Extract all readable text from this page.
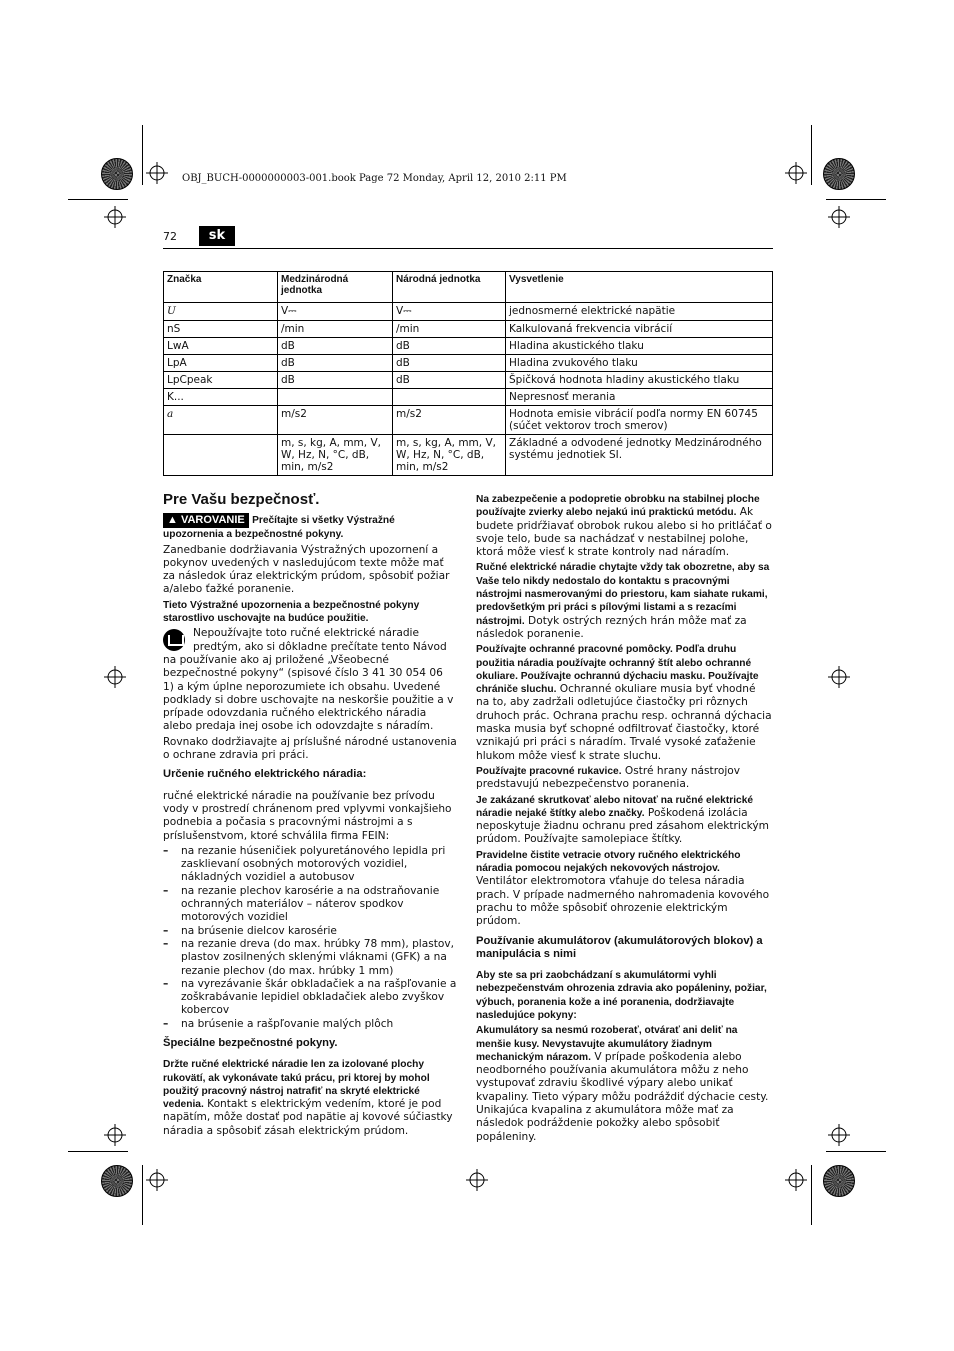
OBJ_BUCH-0000000003-001.book Page 72 Monday, April 12, 2010 2:11 PM
72	sk
Značka	Medzinárodná jednotka	Národná jednotka	Vysvetlenie
U	V⎓	V⎓	jednosmerné elektrické napätie
nS	/min	/min	Kalkulovaná frekvencia vibrácií
LwA	dB	dB	Hladina akustického tlaku
LpA	dB	dB	Hladina zvukového tlaku
LpCpeak	dB	dB	Špičková hodnota hladiny akustického tlaku
K...			Nepresnosť merania
a	m/s2	m/s2	Hodnota emisie vibrácií podľa normy EN 60745 (súčet vektorov troch smerov)
	m, s, kg, A, mm, V, W, Hz, N, °C, dB, min, m/s2	m, s, kg, A, mm, V, W, Hz, N, °C, dB, min, m/s2	Základné a odvodené jednotky Medzinárodného systému jednotiek SI.
Pre Vašu bezpečnosť.

▲ VAROVANIE Prečítajte si všetky Výstražné upozornenia a bezpečnostné pokyny.

Zanedbanie dodržiavania Výstražných upozornení a pokynov uvedených v nasledujúcom texte môže mať za následok úraz elektrickým prúdom, spôsobiť požiar a/alebo ťažké poranenie.

Tieto Výstražné upozornenia a bezpečnostné pokyny starostlivo uschovajte na budúce použitie.

Nepoužívajte toto ručné elektrické náradie predtým, ako si dôkladne prečítate tento Návod na používanie ako aj priložené „Všeobecné bezpečnostné pokyny“ (spisové číslo 3 41 30 054 06 1) a kým úplne neporozumiete ich obsahu. Uvedené podklady si dobre uschovajte na neskoršie použitie a v prípade odovzdania ručného elektrického náradia alebo predaja inej osobe ich odovzdajte s náradím.

Rovnako dodržiavajte aj príslušné národné ustanovenia o ochrane zdravia pri práci.

Určenie ručného elektrického náradia:

ručné elektrické náradie na používanie bez prívodu vody v prostredí chránenom pred vplyvmi vonkajšieho podnebia a počasia s pracovnými nástrojmi a s príslušenstvom, ktoré schválila firma FEIN:

– na rezanie húseničiek polyuretánového lepidla pri zasklievaní osobných motorových vozidiel, nákladných vozidiel a autobusov
– na rezanie plechov karosérie a na odstraňovanie ochranných materiálov – náterov spodkov motorových vozidiel
– na brúsenie dielcov karosérie
– na rezanie dreva (do max. hrúbky 78 mm), plastov, plastov zosilnených sklenými vláknami (GFK) a na rezanie plechov (do max. hrúbky 1 mm)
– na vyrezávanie škár obkladačiek a na rašpľovanie a zoškrabávanie lepidiel obkladačiek alebo zvyškov kobercov
– na brúsenie a rašpľovanie malých plôch
Špeciálne bezpečnostné pokyny.

Držte ručné elektrické náradie len za izolované plochy rukovätí, ak vykonávate takú prácu, pri ktorej by mohol použitý pracovný nástroj natrafiť na skryté elektrické vedenia. Kontakt s elektrickým vedením, ktoré je pod napätím, môže dostať pod napätie aj kovové súčiastky náradia a spôsobiť zásah elektrickým prúdom.

Na zabezpečenie a podopretie obrobku na stabilnej ploche používajte zvierky alebo nejakú inú praktickú metódu. Ak budete pridŕžiavať obrobok rukou alebo si ho pritláčať o svoje telo, bude sa nachádzať v nestabilnej polohe, ktorá môže viesť k strate kontroly nad náradím.

Ručné elektrické náradie chytajte vždy tak obozretne, aby sa Vaše telo nikdy nedostalo do kontaktu s pracovnými nástrojmi nasmerovanými do priestoru, kam siahate rukami, predovšetkým pri práci s pílovými listami a s rezacími nástrojmi. Dotyk ostrých rezných hrán môže mať za následok poranenie.

Používajte ochranné pracovné pomôcky. Podľa druhu použitia náradia používajte ochranný štít alebo ochranné okuliare. Používajte ochrannú dýchaciu masku. Používajte chrániče sluchu. Ochranné okuliare musia byť vhodné na to, aby zadržali odletujúce čiastočky pri rôznych druhoch prác. Ochrana prachu resp. ochranná dýchacia maska musia byť schopné odfiltrovať čiastočky, ktoré vznikajú pri práci s náradím. Trvalé vysoké zaťaženie hlukom môže viesť k strate sluchu.

Používajte pracovné rukavice. Ostré hrany nástrojov predstavujú nebezpečenstvo poranenia.

Je zakázané skrutkovať alebo nitovať na ručné elektrické náradie nejaké štítky alebo značky. Poškodená izolácia neposkytuje žiadnu ochranu pred zásahom elektrickým prúdom. Používajte samolepiace štítky.

Pravidelne čistite vetracie otvory ručného elektrického náradia pomocou nejakých nekovových nástrojov. Ventilátor elektromotora vťahuje do telesa náradia prach. V prípade nadmerného nahromadenia kovového prachu to môže spôsobiť ohrozenie elektrickým prúdom.

Používanie akumulátorov (akumulátorových blokov) a manipulácia s nimi

Aby ste sa pri zaobchádzaní s akumulátormi vyhli nebezpečenstvám ohrozenia zdravia ako popáleniny, požiar, výbuch, poranenia kože a iné poranenia, dodržiavajte nasledujúce pokyny:

Akumulátory sa nesmú rozoberať, otvárať ani deliť na menšie kusy. Nevystavujte akumulátory žiadnym mechanickým nárazom. V prípade poškodenia alebo neodborného používania akumulátora môžu z neho vystupovať zdraviu škodlivé výpary alebo unikať kvapaliny. Tieto výpary môžu podráždiť dýchacie cesty. Unikajúca kvapalina z akumulátora môže mať za následok podráždenie pokožky alebo spôsobiť popáleniny.
